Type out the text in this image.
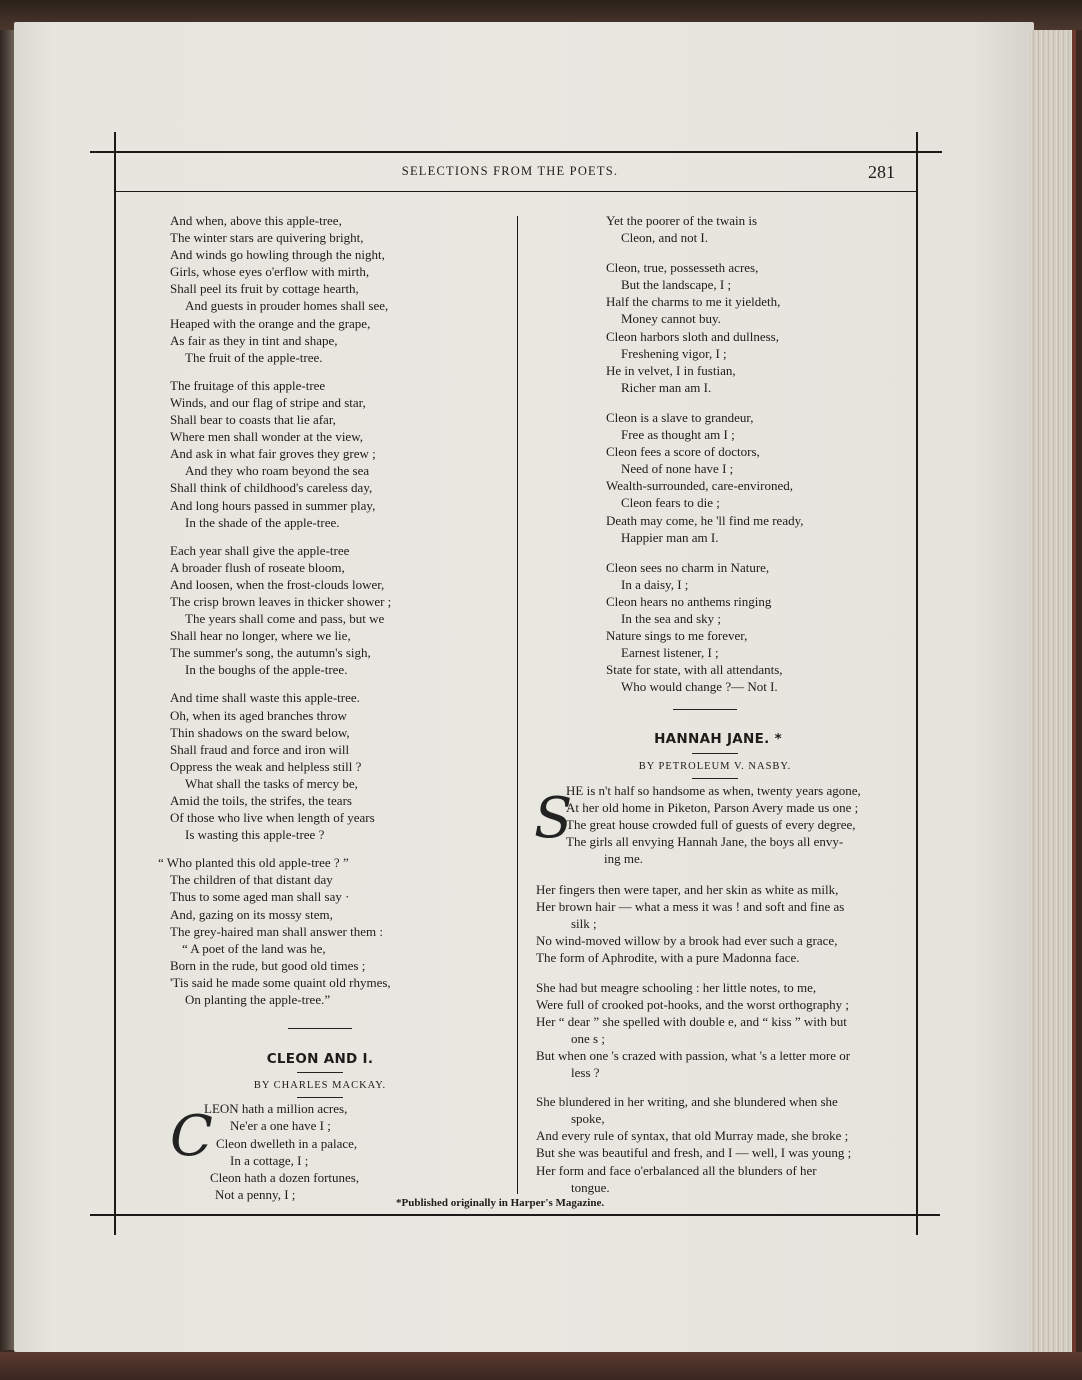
SELECTIONS FROM THE POETS.	281
And when, above this apple-tree,
The winter stars are quivering bright,
And winds go howling through the night,
Girls, whose eyes o'erflow with mirth,
Shall peel its fruit by cottage hearth,
And guests in prouder homes shall see,
Heaped with the orange and the grape,
As fair as they in tint and shape,
The fruit of the apple-tree.
The fruitage of this apple-tree
Winds, and our flag of stripe and star,
Shall bear to coasts that lie afar,
Where men shall wonder at the view,
And ask in what fair groves they grew ;
And they who roam beyond the sea
Shall think of childhood's careless day,
And long hours passed in summer play,
In the shade of the apple-tree.
Each year shall give the apple-tree
A broader flush of roseate bloom,
And loosen, when the frost-clouds lower,
The crisp brown leaves in thicker shower ;
The years shall come and pass, but we
Shall hear no longer, where we lie,
The summer's song, the autumn's sigh,
In the boughs of the apple-tree.
And time shall waste this apple-tree.
Oh, when its aged branches throw
Thin shadows on the sward below,
Shall fraud and force and iron will
Oppress the weak and helpless still ?
What shall the tasks of mercy be,
Amid the toils, the strifes, the tears
Of those who live when length of years
Is wasting this apple-tree ?
“ Who planted this old apple-tree ? ”
The children of that distant day
Thus to some aged man shall say ·
And, gazing on its mossy stem,
The grey-haired man shall answer them :
“ A poet of the land was he,
Born in the rude, but good old times ;
'Tis said he made some quaint old rhymes,
On planting the apple-tree.”
CLEON AND I.
BY CHARLES MACKAY.
C
LEON hath a million acres,
Ne'er a one have I ;
Cleon dwelleth in a palace,
In a cottage, I ;
Cleon hath a dozen fortunes,
Not a penny, I ;
Yet the poorer of the twain is
Cleon, and not I.
Cleon, true, possesseth acres,
But the landscape, I ;
Half the charms to me it yieldeth,
Money cannot buy.
Cleon harbors sloth and dullness,
Freshening vigor, I ;
He in velvet, I in fustian,
Richer man am I.
Cleon is a slave to grandeur,
Free as thought am I ;
Cleon fees a score of doctors,
Need of none have I ;
Wealth-surrounded, care-environed,
Cleon fears to die ;
Death may come, he 'll find me ready,
Happier man am I.
Cleon sees no charm in Nature,
In a daisy, I ;
Cleon hears no anthems ringing
In the sea and sky ;
Nature sings to me forever,
Earnest listener, I ;
State for state, with all attendants,
Who would change ?— Not I.
HANNAH JANE. *
BY PETROLEUM V. NASBY.
S
HE is n't half so handsome as when, twenty years agone,
At her old home in Piketon, Parson Avery made us one ;
The great house crowded full of guests of every degree,
The girls all envying Hannah Jane, the boys all envy-
ing me.
Her fingers then were taper, and her skin as white as milk,
Her brown hair — what a mess it was ! and soft and fine as
silk ;
No wind-moved willow by a brook had ever such a grace,
The form of Aphrodite, with a pure Madonna face.
She had but meagre schooling : her little notes, to me,
Were full of crooked pot-hooks, and the worst orthography ;
Her “ dear ” she spelled with double e, and “ kiss ” with but
one s ;
But when one 's crazed with passion, what 's a letter more or
less ?
She blundered in her writing, and she blundered when she
spoke,
And every rule of syntax, that old Murray made, she broke ;
But she was beautiful and fresh, and I — well, I was young ;
Her form and face o'erbalanced all the blunders of her
tongue.
*Published originally in Harper's Magazine.
